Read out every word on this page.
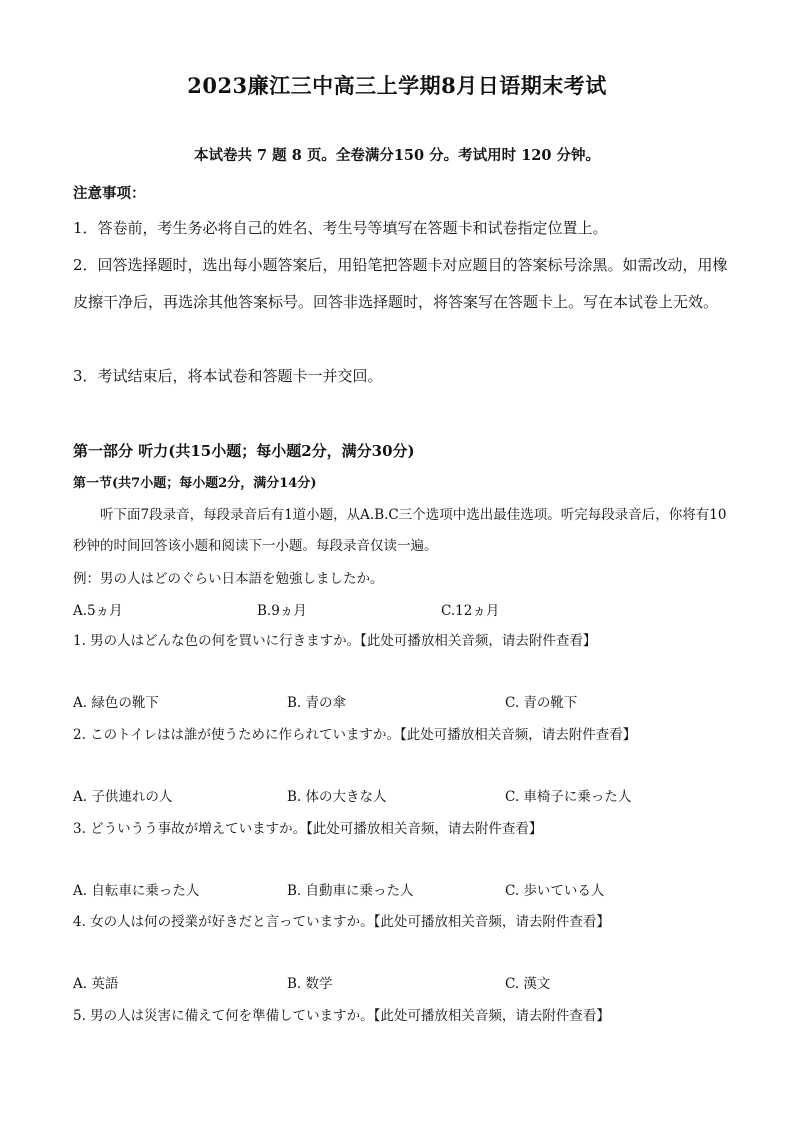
2023廉江三中高三上学期8月日语期末考试
本试卷共 7 题 8 页。全卷满分150 分。考试用时 120 分钟。
注意事项：
1．答卷前，考生务必将自己的姓名、考生号等填写在答题卡和试卷指定位置上。
2．回答选择题时，选出每小题答案后，用铅笔把答题卡对应题目的答案标号涂黑。如需改动，用橡皮擦干净后，再选涂其他答案标号。回答非选择题时，将答案写在答题卡上。写在本试卷上无效。
3．考试结束后，将本试卷和答题卡一并交回。
第一部分 听力(共15小题；每小题2分，满分30分)
第一节(共7小题；每小题2分，满分14分)
听下面7段录音，每段录音后有1道小题，从A.B.C三个选项中选出最佳选项。听完每段录音后，你将有10秒钟的时间回答该小题和阅读下一小题。每段录音仅读一遍。
例：男の人はどのぐらい日本語を勉強しましたか。
A.5ヵ月	B.9ヵ月	C.12ヵ月
1. 男の人はどんな色の何を買いに行きますか。【此处可播放相关音频，请去附件查看】
A. 緑色の靴下	B. 青の傘	C. 青の靴下
2. このトイレはは誰が使うために作られていますか。【此处可播放相关音频，请去附件查看】
A. 子供連れの人	B. 体の大きな人	C. 車椅子に乗った人
3. どういうう事故が増えていますか。【此处可播放相关音频，请去附件查看】
A. 自転車に乗った人	B. 自動車に乗った人	C. 歩いている人
4. 女の人は何の授業が好きだと言っていますか。【此处可播放相关音频，请去附件查看】
A. 英語	B. 数学	C. 漢文
5. 男の人は災害に備えて何を準備していますか。【此处可播放相关音频，请去附件查看】
